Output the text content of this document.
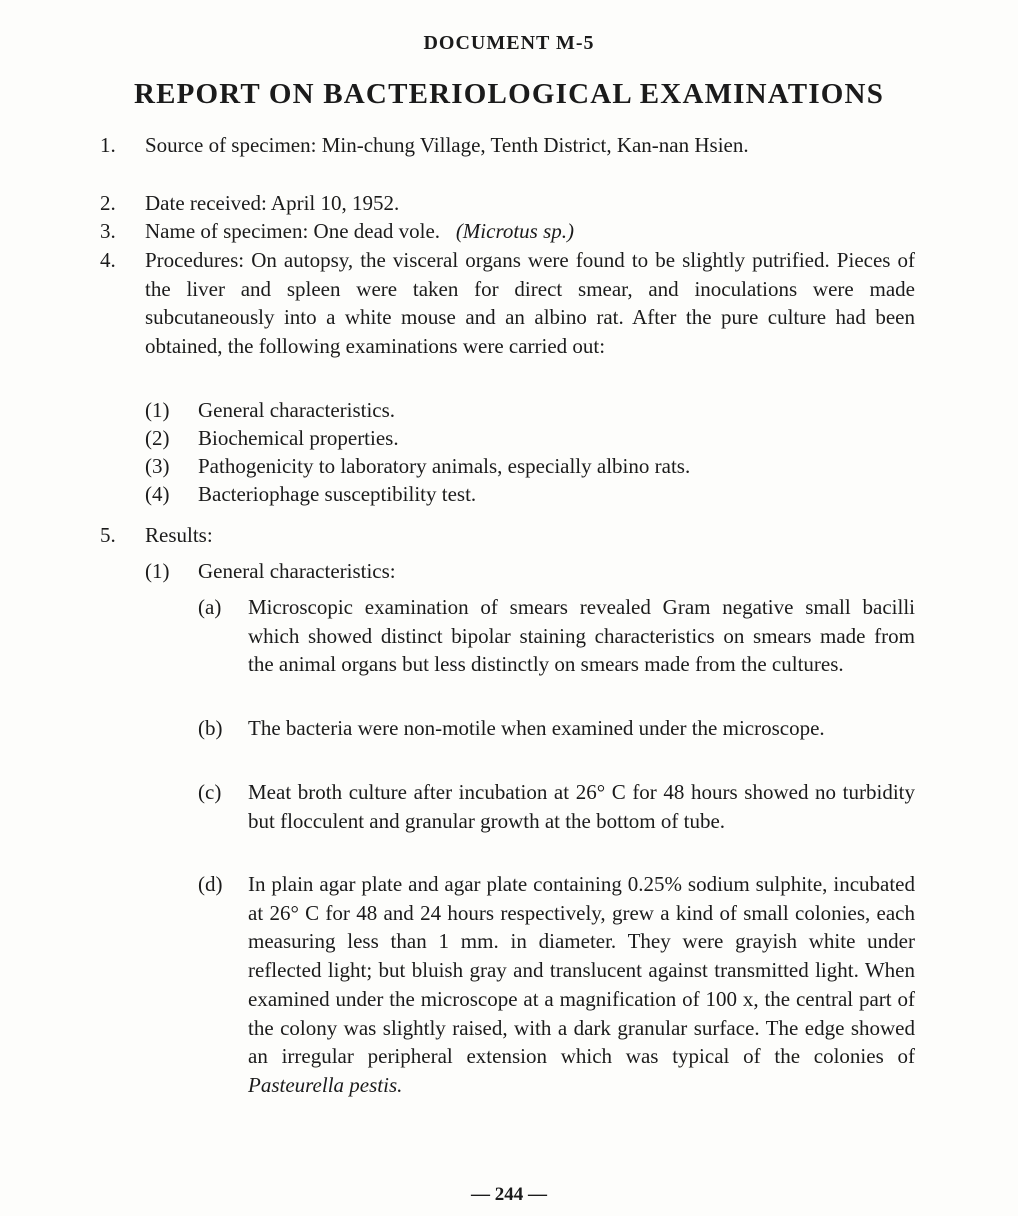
DOCUMENT M-5
REPORT ON BACTERIOLOGICAL EXAMINATIONS
1. Source of specimen: Min-chung Village, Tenth District, Kan-nan Hsien.
2. Date received: April 10, 1952.
3. Name of specimen: One dead vole. (Microtus sp.)
4. Procedures: On autopsy, the visceral organs were found to be slightly putrified. Pieces of the liver and spleen were taken for direct smear, and inoculations were made subcutaneously into a white mouse and an albino rat. After the pure culture had been obtained, the following examinations were carried out:
(1) General characteristics.
(2) Biochemical properties.
(3) Pathogenicity to laboratory animals, especially albino rats.
(4) Bacteriophage susceptibility test.
5. Results:
(1) General characteristics:
(a) Microscopic examination of smears revealed Gram negative small bacilli which showed distinct bipolar staining characteristics on smears made from the animal organs but less distinctly on smears made from the cultures.
(b) The bacteria were non-motile when examined under the microscope.
(c) Meat broth culture after incubation at 26° C for 48 hours showed no turbidity but flocculent and granular growth at the bottom of tube.
(d) In plain agar plate and agar plate containing 0.25% sodium sulphite, incubated at 26° C for 48 and 24 hours respectively, grew a kind of small colonies, each measuring less than 1 mm. in diameter. They were grayish white under reflected light; but bluish gray and translucent against transmitted light. When examined under the microscope at a magnification of 100 x, the central part of the colony was slightly raised, with a dark granular surface. The edge showed an irregular peripheral extension which was typical of the colonies of Pasteurella pestis.
— 244 —
